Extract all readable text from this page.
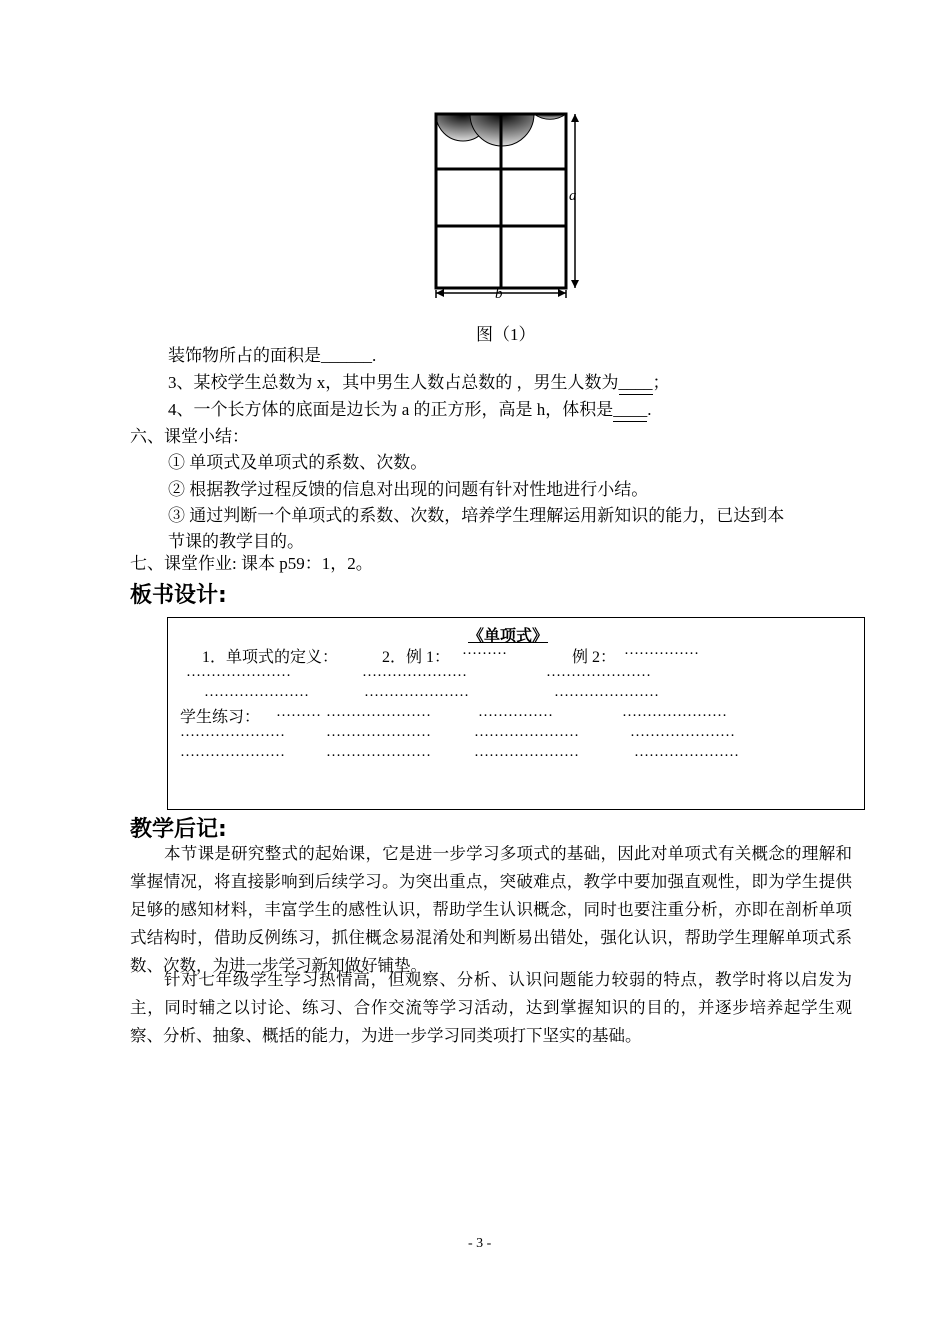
a
b
图（1）
装饰物所占的面积是______.
3、某校学生总数为 x，其中男生人数占总数的 ，男生人数为____；
4、一个长方体的底面是边长为 a 的正方形，高是 h，体积是____.
六、课堂小结：
① 单项式及单项式的系数、次数。
② 根据教学过程反馈的信息对出现的问题有针对性地进行小结。
③ 通过判断一个单项式的系数、次数，培养学生理解运用新知识的能力，已达到本
节课的教学目的。
七、课堂作业: 课本 p59：1，2。
板书设计:
《单项式》
1．单项式的定义：	2．例 1： ………	例 2： ……………
…………………	…………………	…………………
…………………	…………………	…………………
学生练习： ……… …………………	……………	…………………
…………………	…………………	…………………	…………………
…………………	…………………	…………………	…………………
教学后记:
本节课是研究整式的起始课，它是进一步学习多项式的基础，因此对单项式有关概念的理解和掌握情况，将直接影响到后续学习。为突出重点，突破难点，教学中要加强直观性，即为学生提供足够的感知材料，丰富学生的感性认识，帮助学生认识概念，同时也要注重分析，亦即在剖析单项式结构时，借助反例练习，抓住概念易混淆处和判断易出错处，强化认识，帮助学生理解单项式系数、次数，为进一步学习新知做好铺垫。
针对七年级学生学习热情高，但观察、分析、认识问题能力较弱的特点，教学时将以启发为主，同时辅之以讨论、练习、合作交流等学习活动，达到掌握知识的目的，并逐步培养起学生观察、分析、抽象、概括的能力，为进一步学习同类项打下坚实的基础。
- 3 -
